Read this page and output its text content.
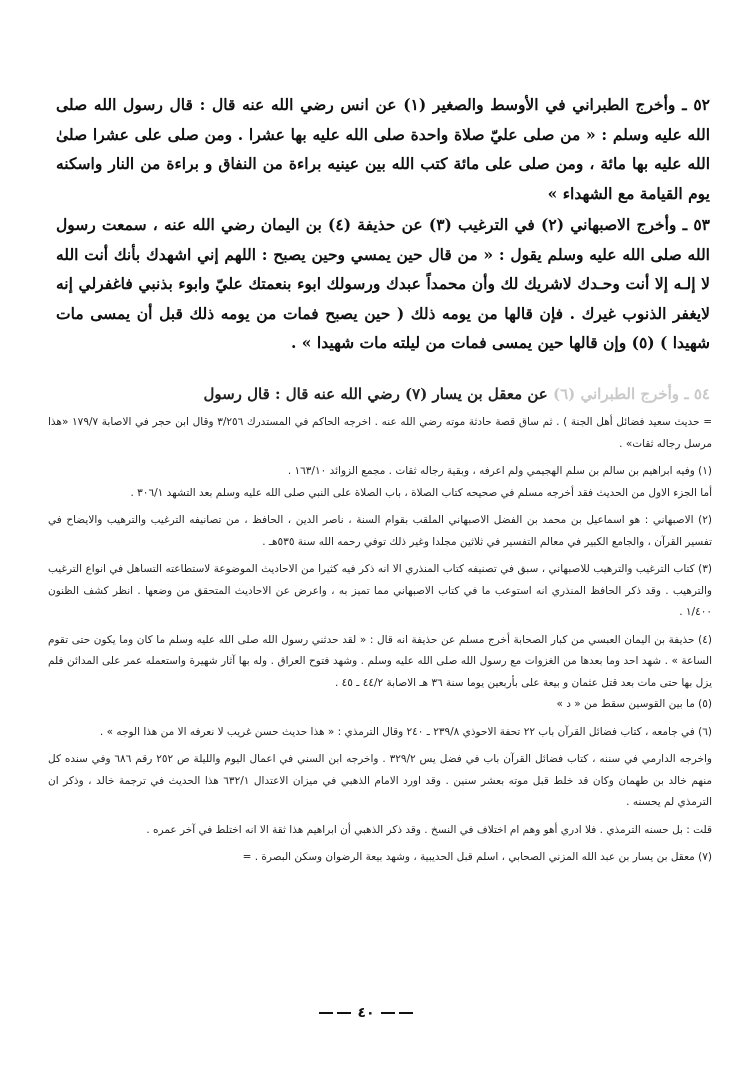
٥٢ ـ وأخرج الطبراني في الأوسط والصغير (١) عن انس رضي الله عنه قال : قال رسول الله صلى الله عليه وسلم : « من صلى عليّ صلاة واحدة صلى الله عليه بها عشرا . ومن صلى على عشرا صلىٰ الله عليه بها مائة ، ومن صلى على مائة كتب الله بين عينيه براءة من النفاق و براءة من النار واسكنه يوم القيامة مع الشهداء »

٥٣ ـ وأخرج الاصبهاني (٢) في الترغيب (٣) عن حذيفة (٤) بن اليمان رضي الله عنه ، سمعت رسول الله صلى الله عليه وسلم يقول : « من قال حين يمسي وحين يصبح : اللهم إني اشهدك بأنك أنت الله لا إلـه إلا أنت وحـدك لاشريك لك وأن محمداً عبدك ورسولك ابوء بنعمتك عليّ وابوء بذنبي فاغفرلي إنه لايغفر الذنوب غيرك . فإن قالها من يومه ذلك ( حين يصبح فمات من يومه ذلك قبل أن يمسى مات شهيدا ) (٥) وإن قالها حين يمسى فمات من ليلته مات شهيدا » .

٥٤ ـ وأخرج الطبراني (٦) عن معقل بن يسار (٧) رضي الله عنه قال : قال رسول

= حديث سعيد فضائل أهل الجنة ) . ثم ساق قصة حادثة موته رضي الله عنه . اخرجه الحاكم في المستدرك ٣/٢٥٦ وقال ابن حجر في الاصابة ١٧٩/٧ «هذا مرسل رجاله ثقات» .

(١) وفيه ابراهيم بن سالم بن سلم الهجيمي ولم اعرفه ، وبقية رجاله ثقات . مجمع الزوائد ١٦٣/١٠ .

أما الجزء الاول من الحديث فقد أخرجه مسلم في صحيحه كتاب الصلاة ، باب الصلاة على النبي صلى الله عليه وسلم بعد التشهد ٣٠٦/١ .

(٢) الاصبهاني : هو اسماعيل بن محمد بن الفضل الاصبهاني الملقب بقوام السنة ، ناصر الدين ، الحافظ ، من تصانيفه الترغيب والترهيب والايضاح في تفسير القرآن ، والجامع الكبير في معالم التفسير في ثلاثين مجلدا وغير ذلك توفي رحمه الله سنة ٥٣٥هـ .

(٣) كتاب الترغيب والترهيب للاصبهاني ، سبق في تصنيفه كتاب المنذري الا انه ذكر فيه كثيرا من الاحاديث الموضوعة لاستطاعته التساهل في انواع الترغيب والترهيب . وقد ذكر الحافظ المنذري انه استوعب ما في كتاب الاصبهاني مما تميز به ، واعرض عن الاحاديث المتحقق من وضعها . انظر كشف الظنون ١/٤٠٠ .

(٤) حذيفة بن اليمان العبسي من كبار الصحابة أخرج مسلم عن حذيفة انه قال : « لقد حدثني رسول الله صلى الله عليه وسلم ما كان وما يكون حتى تقوم الساعة » . شهد احد وما بعدها من الغزوات مع رسول الله صلى الله عليه وسلم . وشهد فتوح العراق . وله بها آثار شهيرة واستعمله عمر على المدائن فلم يزل بها حتى مات بعد قتل عثمان و بيعة على بأربعين يوما سنة ٣٦ هـ الاصابة ٤٤/٢ ـ ٤٥ .

(٥) ما بين القوسين سقط من « د »

(٦) في جامعه ، كتاب فضائل القرآن باب ٢٢ تحفة الاحوذي ٢٣٩/٨ ـ ٢٤٠ وقال الترمذي : « هذا حديث حسن غريب لا نعرفه الا من هذا الوجه » .

واخرجه الدارمي في سننه ، كتاب فضائل القرآن باب في فضل يس ٣٢٩/٢ . واخرجه ابن السني في اعمال اليوم والليلة ص ٢٥٢ رقم ٦٨٦ وفي سنده كل منهم خالد بن طهمان وكان قد خلط قبل موته بعشر سنين . وقد اورد الامام الذهبي في ميزان الاعتدال ٦٣٢/١ هذا الحديث في ترجمة خالد ، وذكر ان الترمذي لم يحسنه .

قلت : بل حسنه الترمذي . فلا ادري أهو وهم ام اختلاف في النسخ . وقد ذكر الذهبي أن ابراهيم هذا ثقة الا انه اختلط في آخر عمره .

(٧) معقل بن يسار بن عبد الله المزني الصحابي ، اسلم قبل الحديبية ، وشهد بيعة الرضوان وسكن البصرة . =

٤٠
